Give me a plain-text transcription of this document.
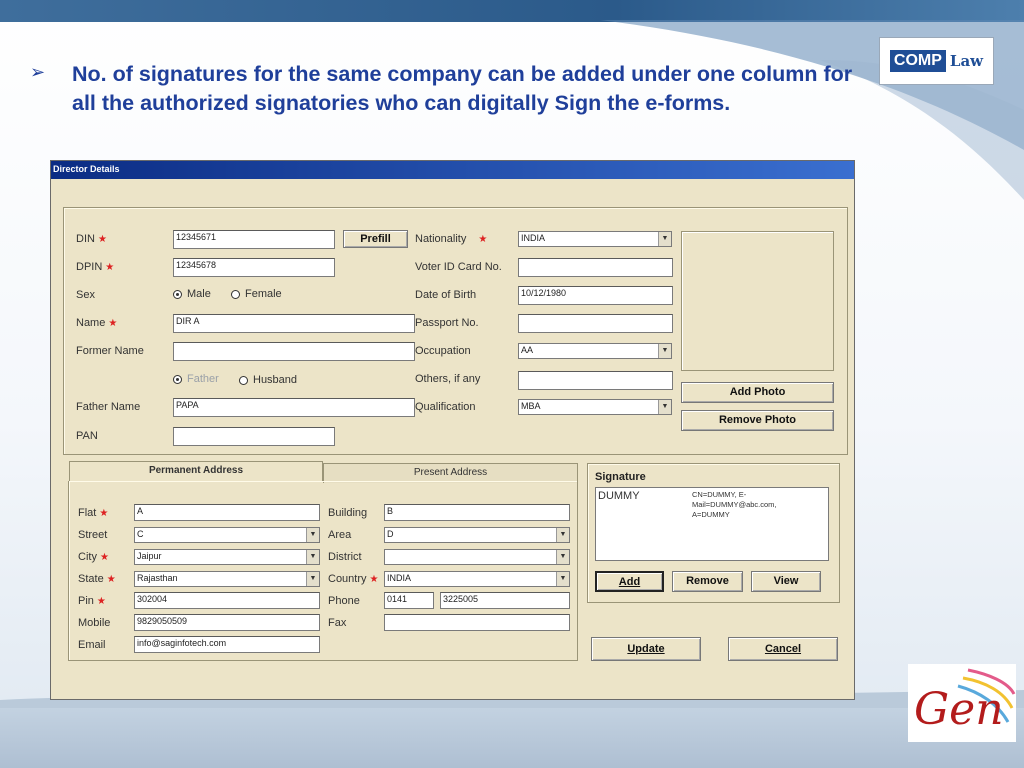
➢ No. of signatures for the same company can be added under one column for all the authorized signatories who can digitally Sign the e-forms.
COMP Law
Gen
Director Details
DIN ★	12345671	Prefill
DPIN ★	12345678
Sex	Male	Female
Name ★	DIR A
Former Name
Father	Husband
Father Name	PAPA
PAN
Nationality ★	INDIA	▼
Voter ID Card No.
Date of Birth	10/12/1980
Passport No.
Occupation	AA	▼
Others, if any
Qualification	MBA	▼
Add Photo
Remove Photo
Permanent Address	Present Address
Flat ★	A
Street	C	▼
City ★	Jaipur	▼
State ★	Rajasthan	▼
Pin ★	302004
Mobile	9829050509
Email	info@saginfotech.com
Building	B
Area	D	▼
District	▼
Country ★ INDIA	▼
Phone	0141	3225005
Fax
Signature
DUMMY	CN=DUMMY, E-
Mail=DUMMY@abc.com,
A=DUMMY
Add	Remove	View
Update	Cancel
